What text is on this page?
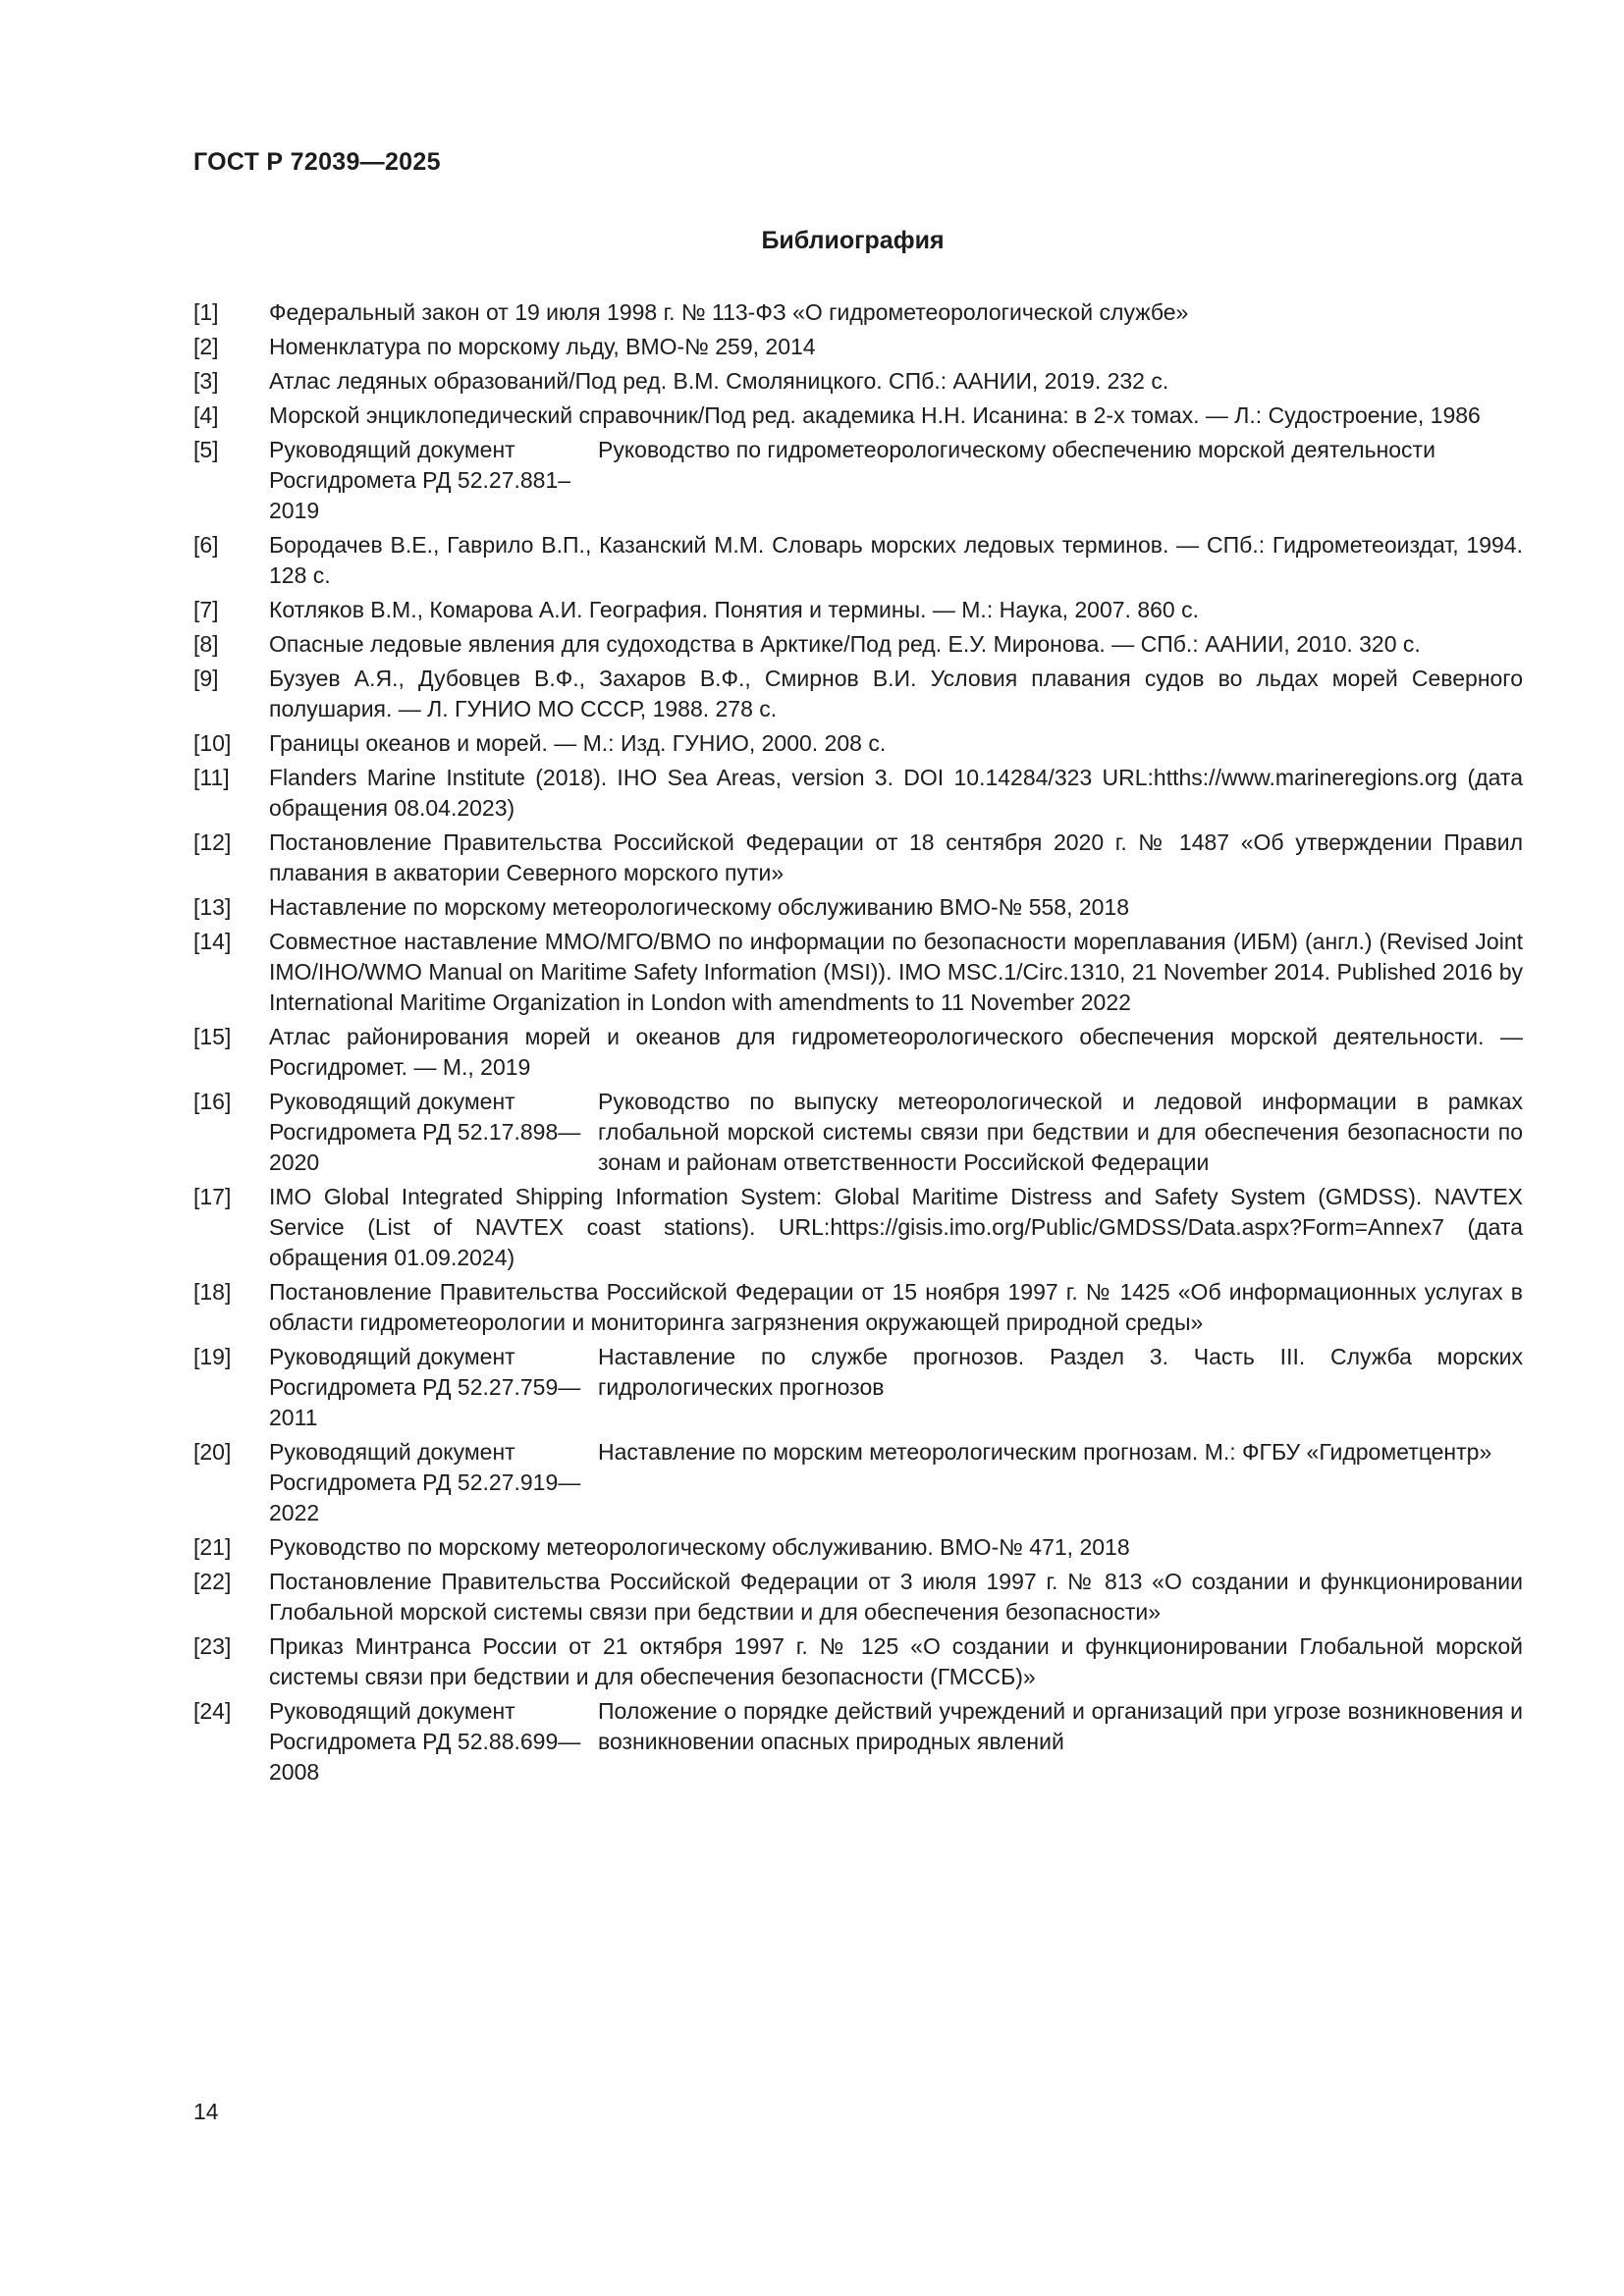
ГОСТ Р 72039—2025
Библиография
[1] Федеральный закон от 19 июля 1998 г. № 113-ФЗ «О гидрометеорологической службе»
[2] Номенклатура по морскому льду, ВМО-№ 259, 2014
[3] Атлас ледяных образований/Под ред. В.М. Смоляницкого. СПб.: ААНИИ, 2019. 232 с.
[4] Морской энциклопедический справочник/Под ред. академика Н.Н. Исанина: в 2-х томах. — Л.: Судостроение, 1986
[5] Руководящий документ Росгидромета РД 52.27.881–2019
Руководство по гидрометеорологическому обеспечению морской деятельности
[6] Бородачев В.Е., Гаврило В.П., Казанский М.М. Словарь морских ледовых терминов. — СПб.: Гидрометеоиздат, 1994. 128 с.
[7] Котляков В.М., Комарова А.И. География. Понятия и термины. — М.: Наука, 2007. 860 с.
[8] Опасные ледовые явления для судоходства в Арктике/Под ред. Е.У. Миронова. — СПб.: ААНИИ, 2010. 320 с.
[9] Бузуев А.Я., Дубовцев В.Ф., Захаров В.Ф., Смирнов В.И. Условия плавания судов во льдах морей Северного полушария. — Л. ГУНИО МО СССР, 1988. 278 с.
[10] Границы океанов и морей. — М.: Изд. ГУНИО, 2000. 208 с.
[11] Flanders Marine Institute (2018). IHO Sea Areas, version 3. DOI 10.14284/323 URL:htths://www.marineregions.org (дата обращения 08.04.2023)
[12] Постановление Правительства Российской Федерации от 18 сентября 2020 г. № 1487 «Об утверждении Правил плавания в акватории Северного морского пути»
[13] Наставление по морскому метеорологическому обслуживанию ВМО-№ 558, 2018
[14] Совместное наставление ММО/МГО/ВМО по информации по безопасности мореплавания (ИБМ) (англ.) (Revised Joint IMO/IHO/WMO Manual on Maritime Safety Information (MSI)). IMO MSC.1/Circ.1310, 21 November 2014. Published 2016 by International Maritime Organization in London with amendments to 11 November 2022
[15] Атлас районирования морей и океанов для гидрометеорологического обеспечения морской деятельности. — Росгидромет. — М., 2019
[16] Руководящий документ Росгидромета РД 52.17.898—2020
Руководство по выпуску метеорологической и ледовой информации в рамках глобальной морской системы связи при бедствии и для обеспечения безопасности по зонам и районам ответственности Российской Федерации
[17] IMO Global Integrated Shipping Information System: Global Maritime Distress and Safety System (GMDSS). NAVTEX Service (List of NAVTEX coast stations). URL:https://gisis.imo.org/Public/GMDSS/Data.aspx?Form=Annex7 (дата обращения 01.09.2024)
[18] Постановление Правительства Российской Федерации от 15 ноября 1997 г. № 1425 «Об информационных услугах в области гидрометеорологии и мониторинга загрязнения окружающей природной среды»
[19] Руководящий документ Росгидромета РД 52.27.759—2011
Наставление по службе прогнозов. Раздел 3. Часть III. Служба морских гидрологических прогнозов
[20] Руководящий документ Росгидромета РД 52.27.919—2022
Наставление по морским метеорологическим прогнозам. М.: ФГБУ «Гидрометцентр»
[21] Руководство по морскому метеорологическому обслуживанию. ВМО-№ 471, 2018
[22] Постановление Правительства Российской Федерации от 3 июля 1997 г. № 813 «О создании и функционировании Глобальной морской системы связи при бедствии и для обеспечения безопасности»
[23] Приказ Минтранса России от 21 октября 1997 г. № 125 «О создании и функционировании Глобальной морской системы связи при бедствии и для обеспечения безопасности (ГМССБ)»
[24] Руководящий документ Росгидромета РД 52.88.699—2008
Положение о порядке действий учреждений и организаций при угрозе возникновения и возникновении опасных природных явлений
14
